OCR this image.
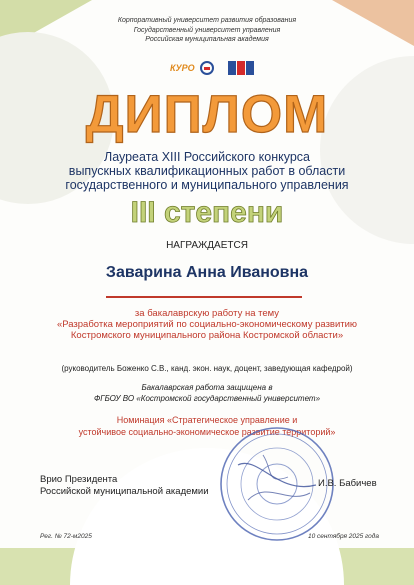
Корпоративный университет развития образования
Государственный университет управления
Российская муниципальная академия
КУРО
ДИПЛОМ
Лауреата XIII Российского конкурса
выпускных квалификационных работ в области
государственного и муниципального управления
III степени
НАГРАЖДАЕТСЯ
Заварина Анна Ивановна
за бакалаврскую работу на тему
«Разработка мероприятий по социально-экономическому развитию
Костромского муниципального района Костромской области»
(руководитель Боженко С.В., канд. экон. наук, доцент, заведующая кафедрой)
Бакалаврская работа защищена в
ФГБОУ ВО «Костромской государственный университет»
Номинация «Стратегическое управление и
устойчивое социально-экономическое развитие территорий»
Врио Президента
Российской муниципальной академии
И.В. Бабичев
Рег. № 72-м2025	10 сентября 2025 года
